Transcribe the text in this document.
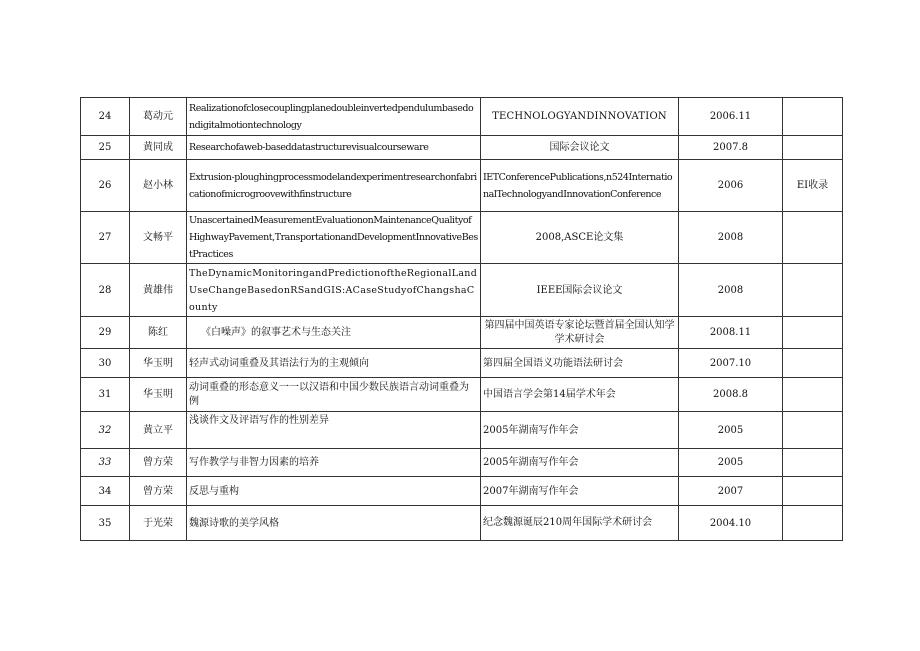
24	葛动元	Realizationofclosecouplingplanedoubleinvertedpendulumbasedondigitalmotiontechnology	TECHNOLOGYANDINNOVATION	2006.11	
25	黄同成	Researchofaweb-baseddatastructurevisualcourseware	国际会议论文	2007.8	
26	赵小林	Extrusion-ploughingprocessmodelandexperimentresearchonfabricationofmicrogroovewithfinstructure	IETConferencePublications,n524InternationalTechnologyandInnovationConference	2006	EI收录
27	文畅平	UnascertainedMeasurementEvaluationonMaintenanceQualityofHighwayPavement,TransportationandDevelopmentInnovativeBestPractices	2008,ASCE论文集	2008	
28	黄雄伟	TheDynamicMonitoringandPredictionoftheRegionalLandUseChangeBasedonRSandGIS:ACaseStudyofChangshaCounty	IEEE国际会议论文	2008	
29	陈红	《白噪声》的叙事艺术与生态关注	第四届中国英语专家论坛暨首届全国认知学学术研讨会	2008.11	
30	华玉明	轻声式动词重叠及其语法行为的主观倾向	第四届全国语义功能语法研讨会	2007.10	
31	华玉明	动词重叠的形态意义一一以汉语和中国少数民族语言动词重叠为例	中国语言学会第14届学术年会	2008.8	
32	黄立平	浅谈作文及评语写作的性别差异	2005年湖南写作年会	2005	
33	曾方荣	写作教学与非智力因素的培养	2005年湖南写作年会	2005	
34	曾方荣	反思与重构	2007年湖南写作年会	2007	
35	于光荣	魏源诗歌的美学风格	纪念魏源诞辰210周年国际学术研讨会	2004.10	
